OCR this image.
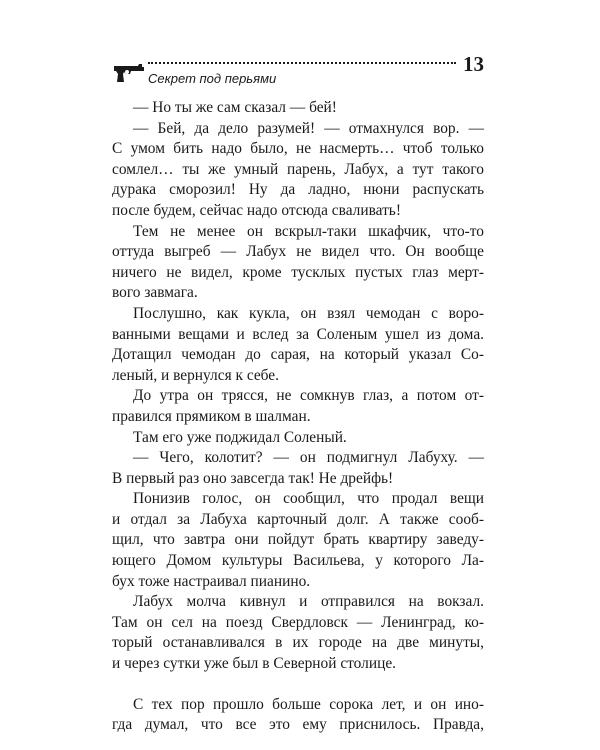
Секрет под перьями
13

— Но ты же сам сказал — бей!

— Бей, да дело разумей! — отмахнулся вор. —
С умом бить надо было, не насмерть… чтоб только
сомлел… ты же умный парень, Лабух, а тут такого
дурака сморозил! Ну да ладно, нюни распускать
после будем, сейчас надо отсюда сваливать!

Тем не менее он вскрыл-таки шкафчик, что-то
оттуда выгреб — Лабух не видел что. Он вообще
ничего не видел, кроме тусклых пустых глаз мерт-
вого завмага.

Послушно, как кукла, он взял чемодан с воро-
ванными вещами и вслед за Соленым ушел из дома.
Дотащил чемодан до сарая, на который указал Со-
леный, и вернулся к себе.

До утра он трясся, не сомкнув глаз, а потом от-
правился прямиком в шалман.

Там его уже поджидал Соленый.

— Чего, колотит? — он подмигнул Лабуху. —
В первый раз оно завсегда так! Не дрейфь!

Понизив голос, он сообщил, что продал вещи
и отдал за Лабуха карточный долг. А также сооб-
щил, что завтра они пойдут брать квартиру заведу-
ющего Домом культуры Васильева, у которого Ла-
бух тоже настраивал пианино.

Лабух молча кивнул и отправился на вокзал.
Там он сел на поезд Свердловск — Ленинград, ко-
торый останавливался в их городе на две минуты,
и через сутки уже был в Северной столице.

С тех пор прошло больше сорока лет, и он ино-
гда думал, что все это ему приснилось. Правда,
